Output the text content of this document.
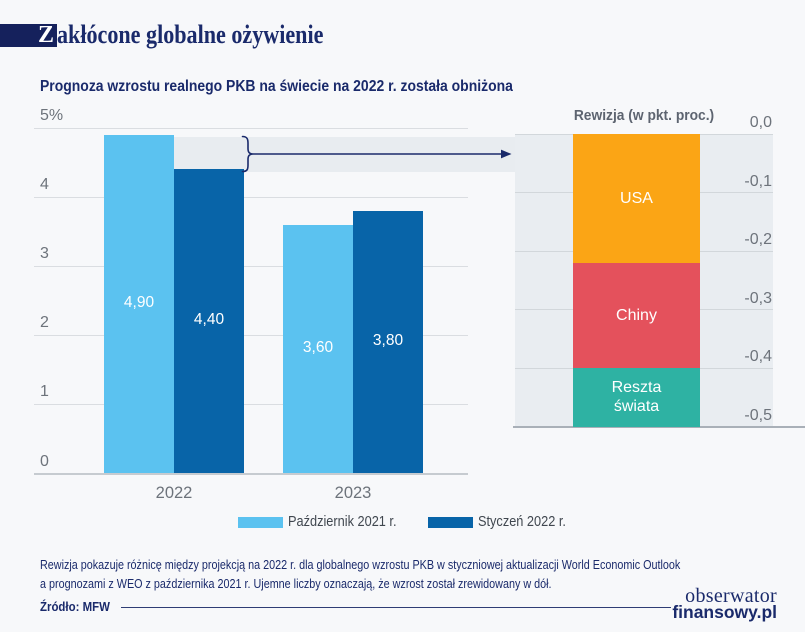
Z akłócone globalne ożywienie
Prognoza wzrostu realnego PKB na świecie na 2022 r. została obniżona
Rewizja (w pkt. proc.)
5%
4
3
2
1
0
4,90
3,60
4,40
3,80
2022	2023
Październik 2021 r.	Styczeń 2022 r.
0,0
-0,1
-0,2
-0,3
-0,4
-0,5
USA
Chiny
Reszta świata
Rewizja pokazuje różnicę między projekcją na 2022 r. dla globalnego wzrostu PKB w styczniowej aktualizacji World Economic Outlook
a prognozami z WEO z października 2021 r. Ujemne liczby oznaczają, że wzrost został zrewidowany w dół.
Źródło: MFW	obserwator
finansowy.pl
